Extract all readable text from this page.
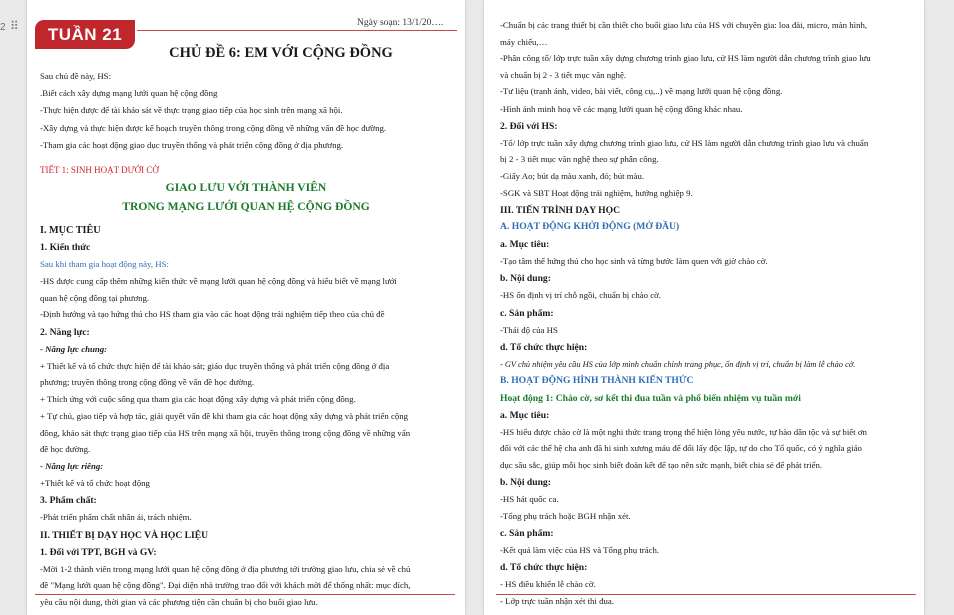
2 ⠿	TUẦN 21
Ngày soạn: 13/1/20….

CHỦ ĐỀ 6: EM VỚI CỘNG ĐỒNG

Sau chủ đề này, HS:

.Biết cách xây dựng mạng lưới quan hệ cộng đồng

-Thực hiện được để tài khảo sát về thực trạng giao tiếp của học sinh trên mạng xã hội.

-Xây dựng và thực hiện được kế hoạch truyền thông trong cộng đồng về những vấn đề học đường.

-Tham gia các hoạt động giao dục truyền thống và phát triển cộng đồng ở địa phương.

TIẾT 1: SINH HOẠT DƯỚI CỜ

GIAO LƯU VỚI THÀNH VIÊN

TRONG MẠNG LƯỚI QUAN HỆ CỘNG ĐỒNG

I. MỤC TIÊU

1. Kiến thức

Sau khi tham gia hoạt động này, HS:

-HS được cung cấp thêm những kiến thức về mạng lưới quan hệ cộng đồng và hiểu biết về mạng lưới

quan hệ cộng đồng tại phương.

-Định hướng và tạo hứng thú cho HS tham gia vào các hoạt động trải nghiệm tiếp theo của chủ đề

2. Năng lực:

- Năng lực chung:

+ Thiết kế và tổ chức thực hiện để tài khảo sát; giáo dục truyền thống và phát triển cộng đồng ở địa

phương; truyền thông trong cộng đồng về vấn đề học đường.

+ Thích ứng với cuộc sống qua tham gia các hoạt động xây dựng và phát triển cộng đồng.

+ Tự chủ, giao tiếp và hợp tác, giải quyết vấn đề khi tham gia các hoạt động xây dựng và phát triển cộng

đồng, khảo sát thực trạng giao tiếp của HS trên mạng xã hội, truyền thông trong cộng đồng về những vấn

đề học đường.

- Năng lực riêng:

+Thiết kế và tổ chức hoạt động

3. Phẩm chất:

-Phát triển phẩm chất nhân ái, trách nhiệm.

II. THIẾT BỊ DẠY HỌC VÀ HỌC LIỆU

1. Đối với TPT, BGH và GV:

-Mời 1-2 thành viên trong mạng lưới quan hệ cộng đồng ở địa phương tới trường giao lưu, chia sẻ về chủ

đề "Mạng lưới quan hệ cộng đồng". Đại diện nhà trường trao đổi với khách mời để thống nhất: mục đích,

yêu cầu nội dung, thời gian và các phương tiện cần chuẩn bị cho buổi giao lưu.

-Chuẩn bị các trang thiết bị cần thiết cho buổi giao lưu của HS với chuyên gia: loa đài, micro, màn hình,

máy chiếu,…

-Phân công tổ/ lớp trực tuần xây dựng chương trình giao lưu, cử HS làm người dẫn chương trình giao lưu

và chuẩn bị 2 - 3 tiết mục văn nghệ.

-Tư liệu (tranh ảnh, video, bài viết, công cụ,..) về mạng lưới quan hệ cộng đồng.

-Hình ảnh minh hoạ về các mạng lưới quan hệ cộng đồng khác nhau.

2. Đối với HS:

-Tổ/ lớp trực tuần xây dựng chương trình giao lưu, cử HS làm người dẫn chương trình giao lưu và chuẩn

bị 2 - 3 tiết mục văn nghệ theo sự phân công.

-Giấy Ao; bút dạ màu xanh, đỏ; bút màu.

-SGK và SBT Hoạt động trải nghiệm, hướng nghiệp 9.

III. TIẾN TRÌNH DẠY HỌC

A. HOẠT ĐỘNG KHỞI ĐỘNG (MỞ ĐẦU)

a. Mục tiêu:

-Tạo tâm thế hứng thú cho học sinh và từng bước làm quen với giờ chào cờ.

b. Nội dung:

-HS ổn định vị trí chỗ ngồi, chuẩn bị chào cờ.

c. Sản phẩm:

-Thái độ của HS

d. Tổ chức thực hiện:

- GV chủ nhiệm yêu cầu HS của lớp mình chuẩn chỉnh trang phục, ổn định vị trí, chuẩn bị làm lễ chào cờ.

B. HOẠT ĐỘNG HÌNH THÀNH KIẾN THỨC

Hoạt động 1: Chào cờ, sơ kết thi đua tuần và phổ biến nhiệm vụ tuần mới

a. Mục tiêu:

-HS hiểu được chào cờ là một nghi thức trang trọng thể hiện lòng yêu nước, tự hào dân tộc và sự biết ơn

đối với các thế hệ cha anh đã hi sinh xương máu để đổi lấy độc lập, tự do cho Tổ quốc, có ý nghĩa giáo

dục sâu sắc, giúp mỗi học sinh biết đoàn kết để tạo nên sức mạnh, biết chia sẻ để phát triển.

b. Nội dung:

-HS hát quốc ca.

-Tổng phụ trách hoặc BGH nhận xét.

c. Sản phẩm:

-Kết quả làm việc của HS và Tổng phụ trách.

d. Tổ chức thực hiện:

- HS điều khiển lễ chào cờ.

- Lớp trực tuần nhận xét thi đua.
